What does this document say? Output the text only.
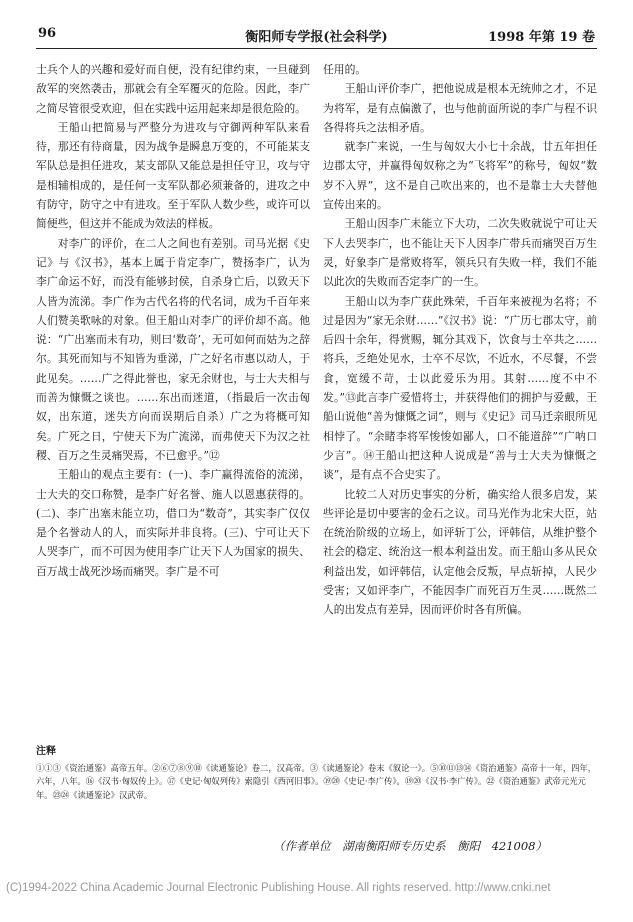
96	衡阳师专学报(社会科学)	1998 年第 19 卷

士兵个人的兴趣和爱好而自便，没有纪律约束，一旦碰到敌军的突然袭击，那就会有全军覆灭的危险。因此，李广之简尽管很受欢迎，但在实践中运用起来却是很危险的。

王船山把简易与严整分为进攻与守御两种军队来看待，那还有待商量，因为战争是瞬息万变的，不可能某支军队总是担任进攻，某支部队又能总是担任守卫，攻与守是相辅相成的，是任何一支军队都必须兼备的，进攻之中有防守，防守之中有进攻。至于军队人数少些，或许可以简便些，但这并不能成为效法的样板。

对李广的评价，在二人之间也有差别。司马光据《史记》与《汉书》，基本上属于肯定李广，赞扬李广，认为李广命运不好，而没有能够封侯，自杀身亡后，以致天下人皆为流涕。李广作为古代名将的代名词，成为千百年来人们赞美歌咏的对象。但王船山对李广的评价却不高。他说：“广出塞而未有功，则曰‘数奇’，无可如何而姑为之辞尔。其死而知与不知皆为垂涕，广之好名市惠以动人，于此见矣。……广之得此誉也，家无余财也，与士大夫相与而善为慷慨之谈也。……东出而迷道，（指最后一次击匈奴，出东道，迷失方向而误期后自杀）广之为将概可知矣。广死之日，宁使天下为广流涕，而弗使天下为汉之社稷、百万之生灵痛哭焉，不已愈乎。”⑫

王船山的观点主要有：(一)、李广赢得流俗的流涕，士大夫的交口称赞，是李广好名誉、施人以恩惠获得的。(二)、李广出塞未能立功，借口为“数奇”，其实李广仅仅是个名誉动人的人，而实际并非良将。(三)、宁可让天下人哭李广，而不可因为使用李广让天下人为国家的损失、百万战士战死沙场而痛哭。李广是不可

任用的。

王船山评价李广，把他说成是根本无统帅之才，不足为将军，是有点偏激了，也与他前面所说的李广与程不识各得将兵之法相矛盾。

就李广来说，一生与匈奴大小七十余战，廿五年担任边郡太守，并赢得匈奴称之为“飞将军”的称号，匈奴“数岁不入界”，这不是自己吹出来的，也不是靠士大夫替他宣传出来的。

王船山因李广未能立下大功，二次失败就说宁可让天下人去哭李广，也不能让天下人因李广带兵而痛哭百万生灵，好象李广是常败将军，领兵只有失败一样，我们不能以此次的失败而否定李广的一生。

王船山以为李广获此殊荣，千百年来被视为名将；不过是因为“家无余财……”《汉书》说：“广历七郡太守，前后四十余年，得赏赐，辄分其戏下，饮食与士卒共之……将兵，乏绝处见水，士卒不尽饮，不近水，不尽餐，不尝食，宽缓不苛，士以此爱乐为用。其射……度不中不发。”⑬此言李广爱惜将士，并获得他们的拥护与爱戴，王船山说他“善为慷慨之词”，则与《史记》司马迁亲眼所见相悖了。“余睹李将军悛悛如鄙人，口不能道辞”“广呐口少言”。⑭王船山把这种人说成是“善与士大夫为慷慨之谈”，是有点不合史实了。

比较二人对历史事实的分析，确实给人很多启发，某些评论是切中要害的金石之议。司马光作为北宋大臣，站在统治阶级的立场上，如评斩丁公，评韩信，从维护整个社会的稳定、统治这一根本利益出发。而王船山多从民众利益出发，如评韩信，认定他会反叛，早点斩掉，人民少受害；又如评李广，不能因李广而死百万生灵……既然二人的出发点有差异，因而评价时各有所偏。

注释

①①③《资治通鉴》高帝五年。②⑥⑦⑧⑨⑩《读通鉴论》卷二，汉高帝。③《读通鉴论》卷末《叙论一》。⑤⑩⑪⑬⑭《资治通鉴》高帝十一年，四年，六年，八年。⑯《汉书·匈奴传上》。⑰《史记·匈奴列传》索隐引《西河旧事》。⑲⑳《史记·李广传》。⑲⑳《汉书·李广传》。㉒《资治通鉴》武帝元光元年。㉓㉔《读通鉴论》汉武帝。

（作者单位　湖南衡阳师专历史系　衡阳　421008）
(C)1994-2022 China Academic Journal Electronic Publishing House. All rights reserved. http://www.cnki.net
